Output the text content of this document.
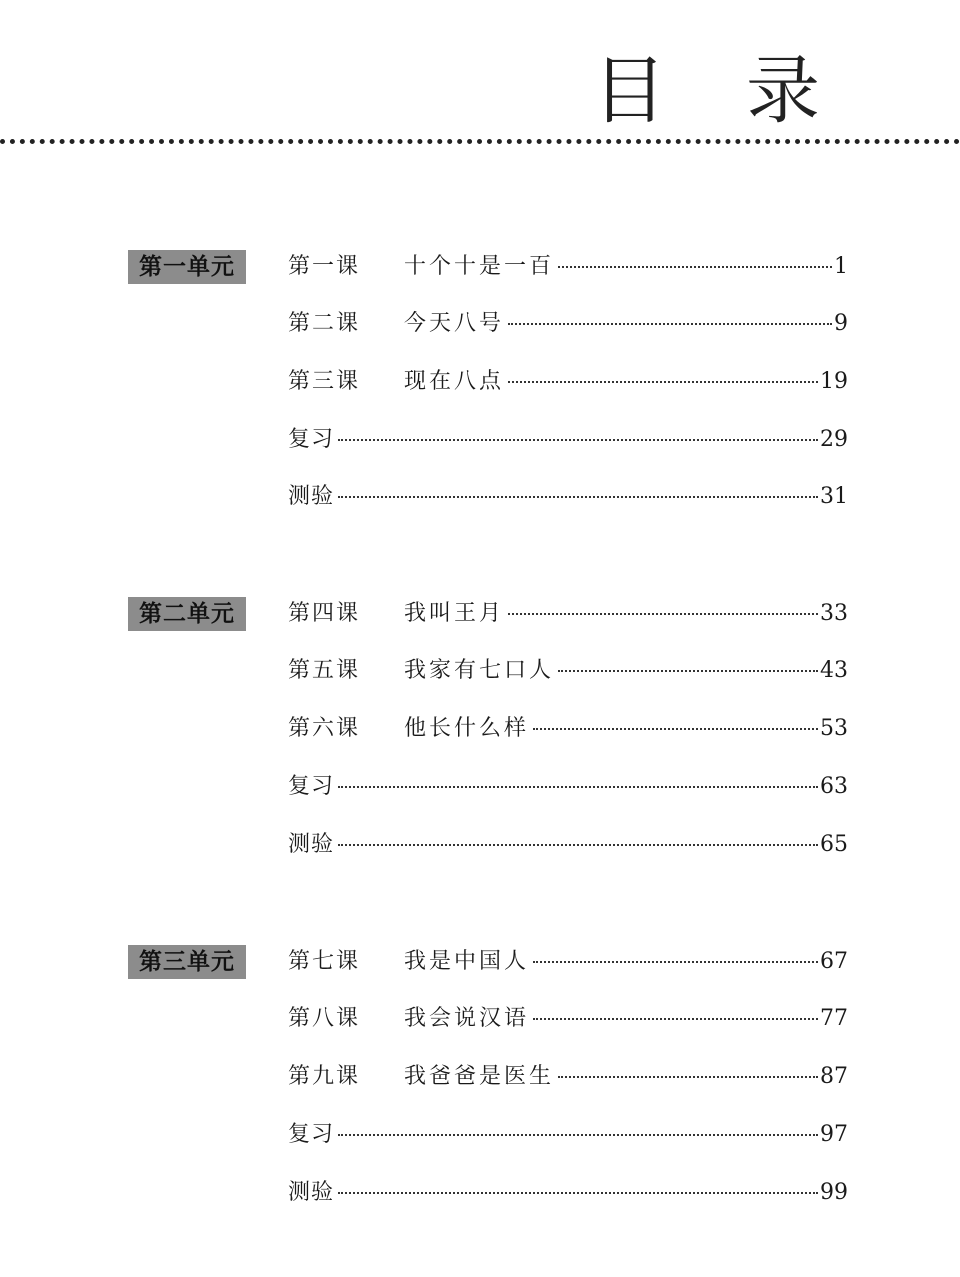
目 录
第一单元	第一课	十个十是一百	1
第二课	今天八号	9
第三课	现在八点	19
复习	29
测验	31
第二单元	第四课	我叫王月	33
第五课	我家有七口人	43
第六课	他长什么样	53
复习	63
测验	65
第三单元	第七课	我是中国人	67
第八课	我会说汉语	77
第九课	我爸爸是医生	87
复习	97
测验	99
